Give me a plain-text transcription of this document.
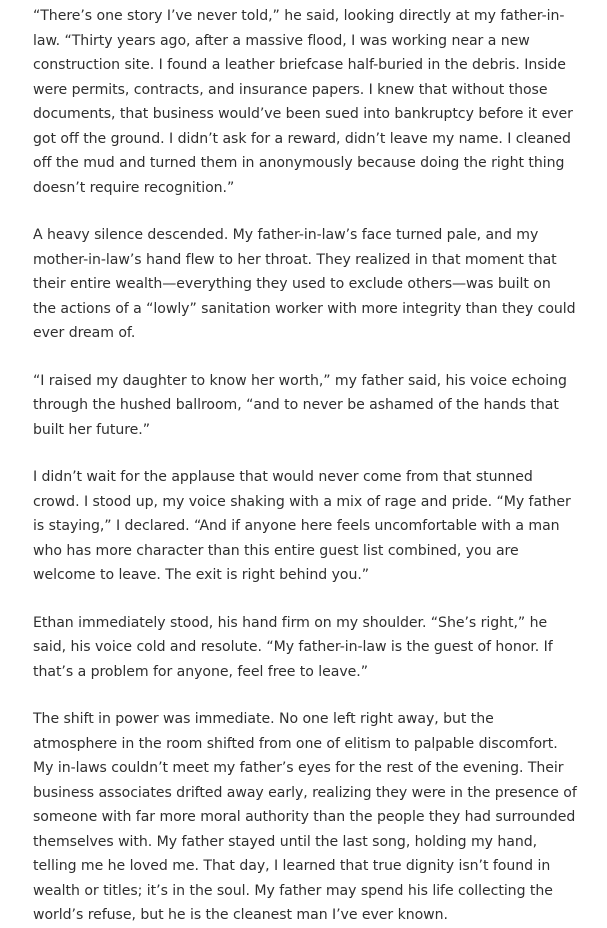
“There’s one story I’ve never told,” he said, looking directly at my father-in-law. “Thirty years ago, after a massive flood, I was working near a new construction site. I found a leather briefcase half-buried in the debris. Inside were permits, contracts, and insurance papers. I knew that without those documents, that business would’ve been sued into bankruptcy before it ever got off the ground. I didn’t ask for a reward, didn’t leave my name. I cleaned off the mud and turned them in anonymously because doing the right thing doesn’t require recognition.”

A heavy silence descended. My father-in-law’s face turned pale, and my mother-in-law’s hand flew to her throat. They realized in that moment that their entire wealth—everything they used to exclude others—was built on the actions of a “lowly” sanitation worker with more integrity than they could ever dream of.

“I raised my daughter to know her worth,” my father said, his voice echoing through the hushed ballroom, “and to never be ashamed of the hands that built her future.”

I didn’t wait for the applause that would never come from that stunned crowd. I stood up, my voice shaking with a mix of rage and pride. “My father is staying,” I declared. “And if anyone here feels uncomfortable with a man who has more character than this entire guest list combined, you are welcome to leave. The exit is right behind you.”

Ethan immediately stood, his hand firm on my shoulder. “She’s right,” he said, his voice cold and resolute. “My father-in-law is the guest of honor. If that’s a problem for anyone, feel free to leave.”

The shift in power was immediate. No one left right away, but the atmosphere in the room shifted from one of elitism to palpable discomfort. My in-laws couldn’t meet my father’s eyes for the rest of the evening. Their business associates drifted away early, realizing they were in the presence of someone with far more moral authority than the people they had surrounded themselves with. My father stayed until the last song, holding my hand, telling me he loved me. That day, I learned that true dignity isn’t found in wealth or titles; it’s in the soul. My father may spend his life collecting the world’s refuse, but he is the cleanest man I’ve ever known.
